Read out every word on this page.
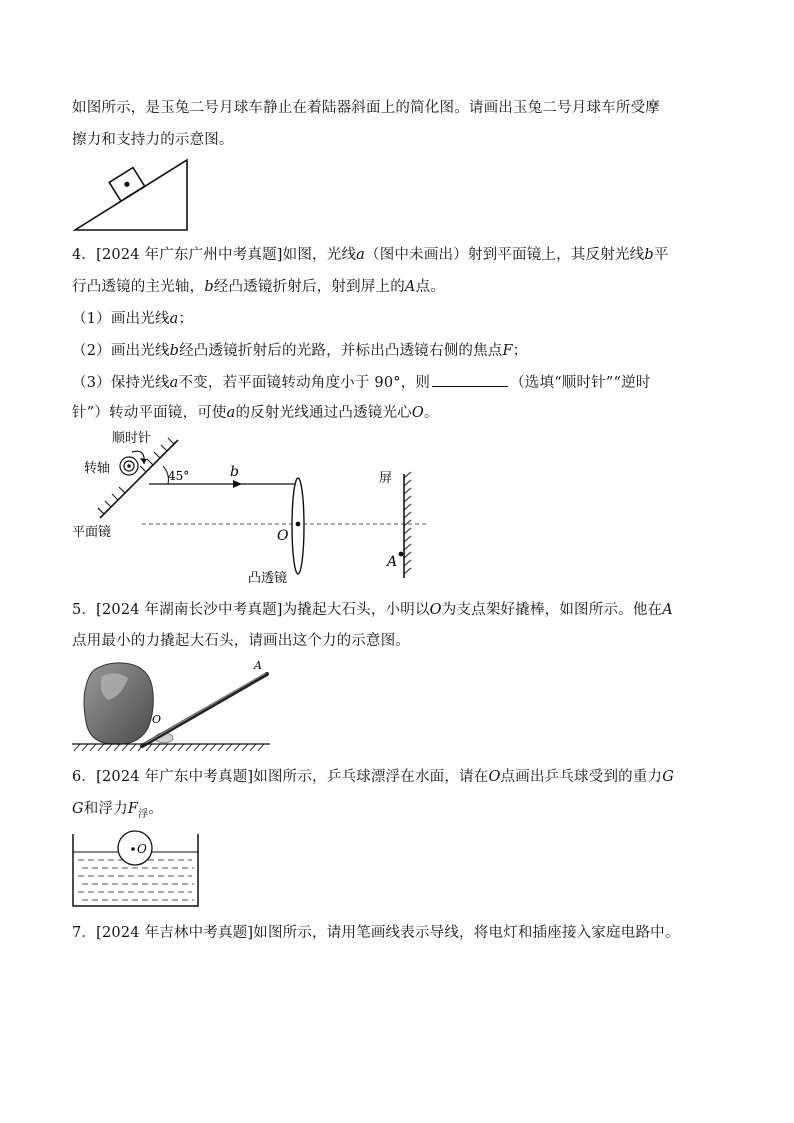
如图所示，是玉兔二号月球车静止在着陆器斜面上的简化图。请画出玉兔二号月球车所受摩
擦力和支持力的示意图。
4．[2024 年广东广州中考真题]如图，光线a（图中未画出）射到平面镜上，其反射光线b平
行凸透镜的主光轴，b经凸透镜折射后，射到屏上的A点。
（1）画出光线a；
（2）画出光线b经凸透镜折射后的光路，并标出凸透镜右侧的焦点F；
（3）保持光线a不变，若平面镜转动角度小于 90°，则	（选填“顺时针”“逆时
针”）转动平面镜，可使a的反射光线通过凸透镜光心O。
顺时针
转轴	45°	b
O
凸透镜
平面镜
屏
A
5．[2024 年湖南长沙中考真题]为撬起大石头，小明以O为支点架好撬棒，如图所示。他在A
点用最小的力撬起大石头，请画出这个力的示意图。
A
O
6．[2024 年广东中考真题]如图所示，乒乓球漂浮在水面，请在O点画出乒乓球受到的重力G
G和浮力$F_浮$。
O
7．[2024 年吉林中考真题]如图所示，请用笔画线表示导线，将电灯和插座接入家庭电路中。
